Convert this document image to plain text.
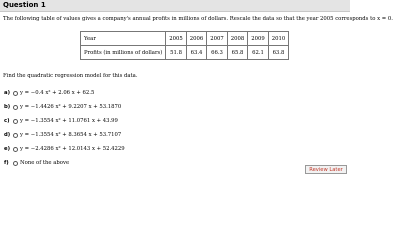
Question 1
The following table of values gives a company's annual profits in millions of dollars. Rescale the data so that the year 2005 corresponds to x = 0.
Year	2005	2006	2007	2008	2009	2010
Profits (in millions of dollars)	51.8	63.4	66.3	65.8	62.1	63.8
Find the quadratic regression model for this data.
a)	y = −0.4 x² + 2.06 x + 62.5
b)	y = −1.4426 x² + 9.2207 x + 53.1870
c)	y = −1.3554 x² + 11.0761 x + 43.99
d)	y = −1.3554 x² + 8.3654 x + 53.7107
e)	y = −2.4286 x² + 12.0143 x + 52.4229
f)	None of the above
Review Later
